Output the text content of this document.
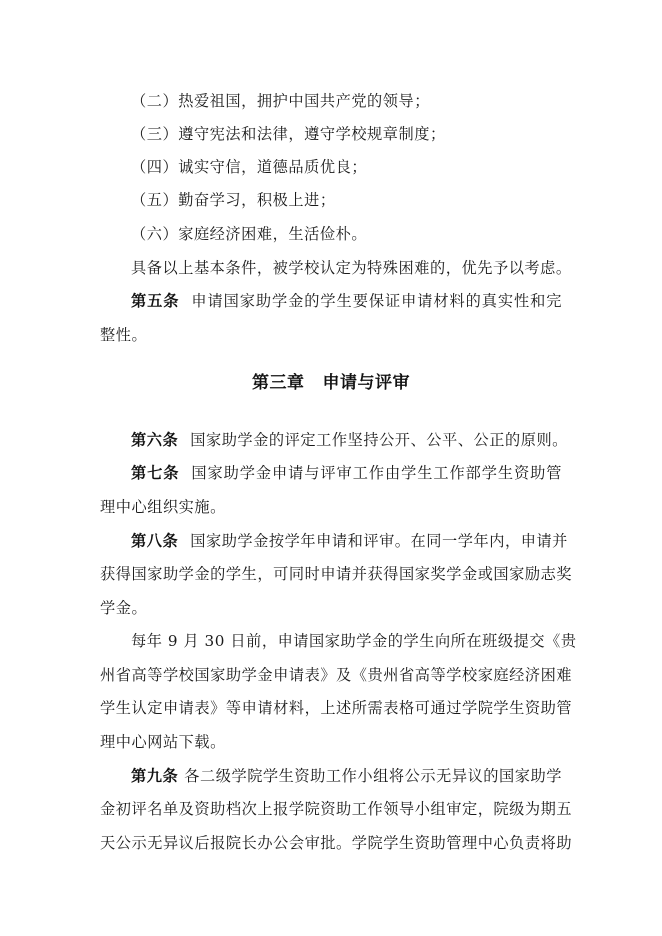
（二）热爱祖国，拥护中国共产党的领导；
（三）遵守宪法和法律，遵守学校规章制度；
（四）诚实守信，道德品质优良；
（五）勤奋学习，积极上进；
（六）家庭经济困难，生活俭朴。
具备以上基本条件，被学校认定为特殊困难的，优先予以考虑。
第五条 申请国家助学金的学生要保证申请材料的真实性和完
整性。
第三章 申请与评审
第六条 国家助学金的评定工作坚持公开、公平、公正的原则。
第七条 国家助学金申请与评审工作由学生工作部学生资助管
理中心组织实施。
第八条 国家助学金按学年申请和评审。在同一学年内，申请并
获得国家助学金的学生，可同时申请并获得国家奖学金或国家励志奖
学金。
每年 9 月 30 日前，申请国家助学金的学生向所在班级提交《贵
州省高等学校国家助学金申请表》及《贵州省高等学校家庭经济困难
学生认定申请表》等申请材料，上述所需表格可通过学院学生资助管
理中心网站下载。
第九条 各二级学院学生资助工作小组将公示无异议的国家助学
金初评名单及资助档次上报学院资助工作领导小组审定，院级为期五
天公示无异议后报院长办公会审批。学院学生资助管理中心负责将助
